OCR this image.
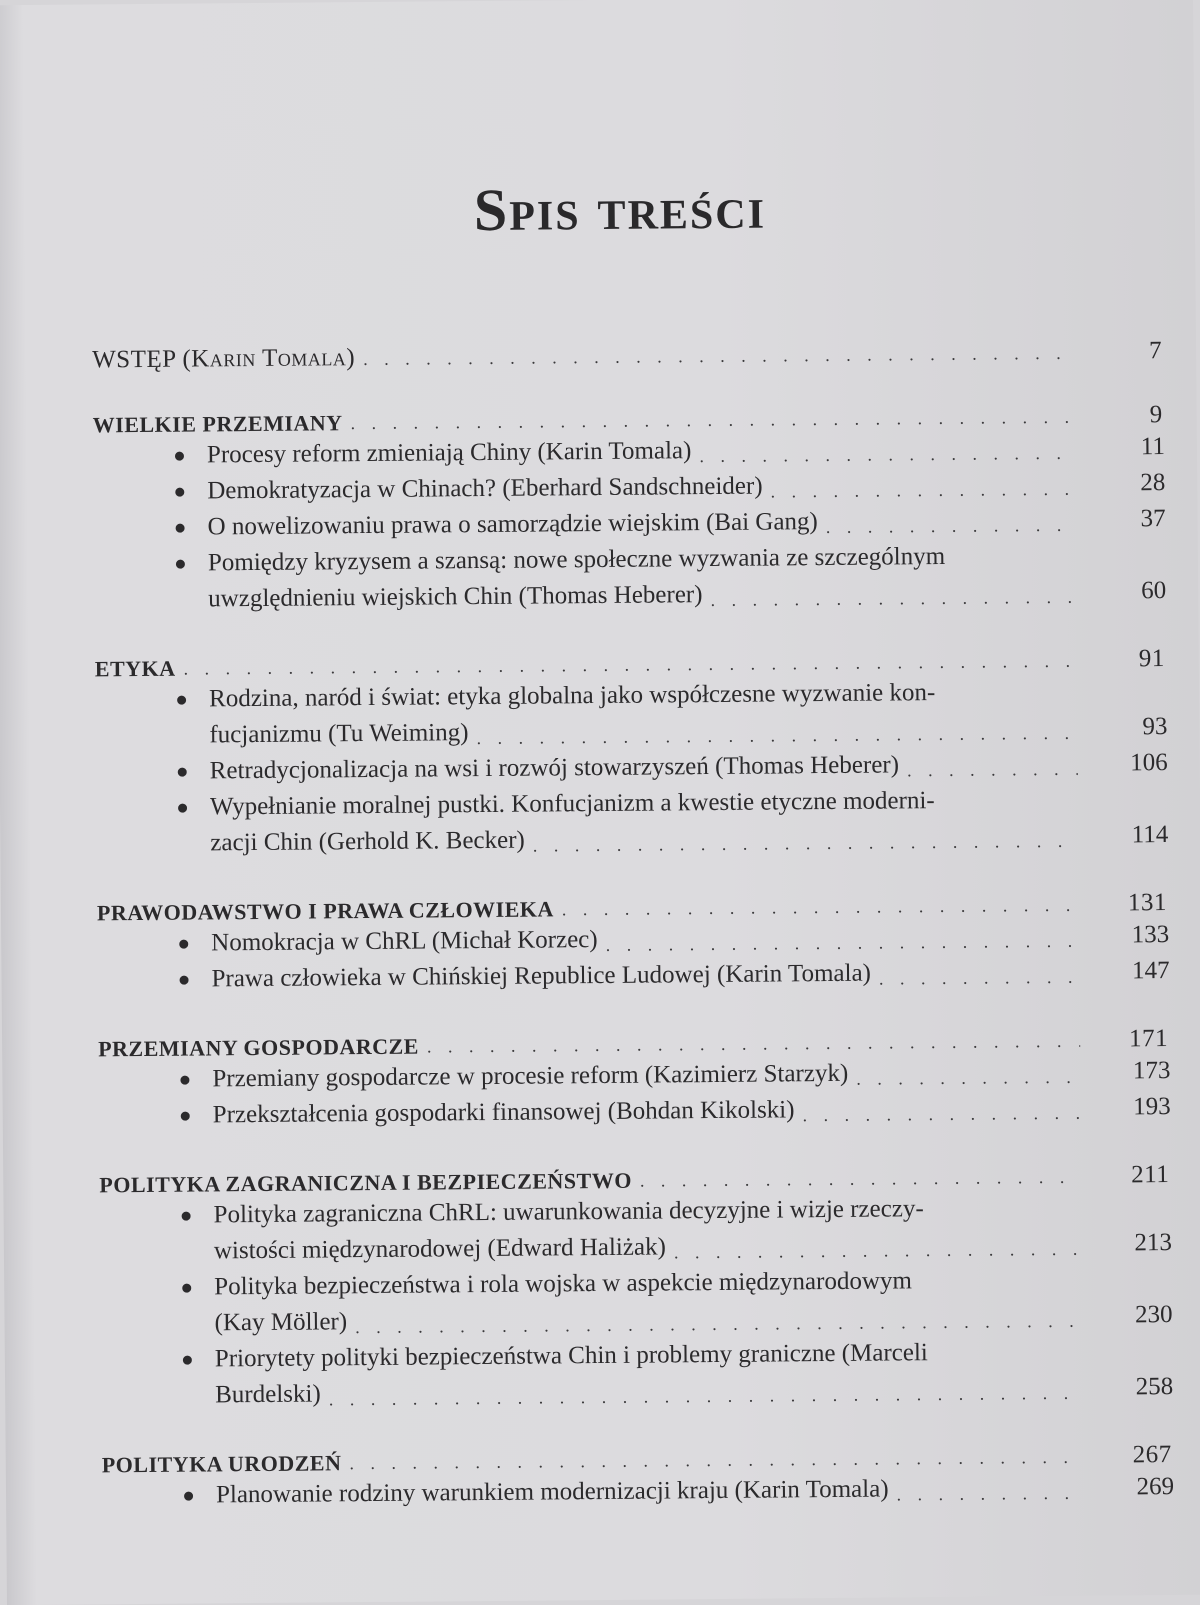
Spis treści
WSTĘP (Karin Tomala) . . .	7
WIELKIE PRZEMIANY . . .	9
Procesy reform zmieniają Chiny (Karin Tomala) . . .	11
Demokratyzacja w Chinach? (Eberhard Sandschneider) . . .	28
O nowelizowaniu prawa o samorządzie wiejskim (Bai Gang) . . .	37
Pomiędzy kryzysem a szansą: nowe społeczne wyzwania ze szczególnym
uwzględnieniu wiejskich Chin (Thomas Heberer) . . .	60
ETYKA . . .	91
Rodzina, naród i świat: etyka globalna jako współczesne wyzwanie kon-
fucjanizmu (Tu Weiming) . . .	93
Retradycjonalizacja na wsi i rozwój stowarzyszeń (Thomas Heberer) . . .	106
Wypełnianie moralnej pustki. Konfucjanizm a kwestie etyczne moderni-
zacji Chin (Gerhold K. Becker) . . .	114
PRAWODAWSTWO I PRAWA CZŁOWIEKA . . .	131
Nomokracja w ChRL (Michał Korzec) . . .	133
Prawa człowieka w Chińskiej Republice Ludowej (Karin Tomala) . . .	147
PRZEMIANY GOSPODARCZE . . .	171
Przemiany gospodarcze w procesie reform (Kazimierz Starzyk) . . .	173
Przekształcenia gospodarki finansowej (Bohdan Kikolski) . . .	193
POLITYKA ZAGRANICZNA I BEZPIECZEŃSTWO . . .	211
Polityka zagraniczna ChRL: uwarunkowania decyzyjne i wizje rzeczy-
wistości międzynarodowej (Edward Haliżak) . . .	213
Polityka bezpieczeństwa i rola wojska w aspekcie międzynarodowym
(Kay Möller) . . .	230
Priorytety polityki bezpieczeństwa Chin i problemy graniczne (Marceli
Burdelski) . . .	258
POLITYKA URODZEŃ . . .	267
Planowanie rodziny warunkiem modernizacji kraju (Karin Tomala) . . .	269
